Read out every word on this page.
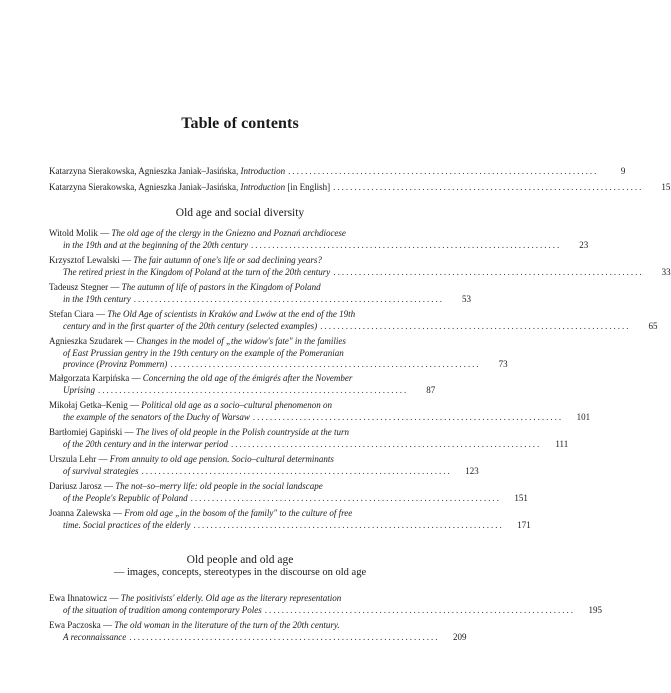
Table of contents
Katarzyna Sierakowska, Agnieszka Janiak–Jasińska, Introduction .........................................................................	9
Katarzyna Sierakowska, Agnieszka Janiak–Jasińska, Introduction [in English] .........................................................................	15
Old age and social diversity
Old people and old age
— images, concepts, stereotypes in the discourse on old age
Witold Molik — The old age of the clergy in the Gniezno and Poznań archdiocese
in the 19th and at the beginning of the 20th century .........................................................................	23
Krzysztof Lewalski — The fair autumn of one's life or sad declining years?
The retired priest in the Kingdom of Poland at the turn of the 20th century .........................................................................	33
Tadeusz Stegner — The autumn of life of pastors in the Kingdom of Poland
in the 19th century .........................................................................	53
Stefan Ciara — The Old Age of scientists in Kraków and Lwów at the end of the 19th
century and in the first quarter of the 20th century (selected examples) .........................................................................	65
Agnieszka Szudarek — Changes in the model of „the widow's fate" in the families
of East Prussian gentry in the 19th century on the example of the Pomeranian
province (Provinz Pommern) .........................................................................	73
Małgorzata Karpińska — Concerning the old age of the émigrés after the November
Uprising .........................................................................	87
Mikołaj Getka–Kenig — Political old age as a socio–cultural phenomenon on
the example of the senators of the Duchy of Warsaw .........................................................................	101
Bartłomiej Gapiński — The lives of old people in the Polish countryside at the turn
of the 20th century and in the interwar period .........................................................................	111
Urszula Lehr — From annuity to old age pension. Socio–cultural determinants
of survival strategies .........................................................................	123
Dariusz Jarosz — The not–so–merry life: old people in the social landscape
of the People's Republic of Poland .........................................................................	151
Joanna Zalewska — From old age „in the bosom of the family" to the culture of free
time. Social practices of the elderly .........................................................................	171
Ewa Ihnatowicz — The positivists' elderly. Old age as the literary representation
of the situation of tradition among contemporary Poles .........................................................................	195
Ewa Paczoska — The old woman in the literature of the turn of the 20th century.
A reconnaissance .........................................................................	209
